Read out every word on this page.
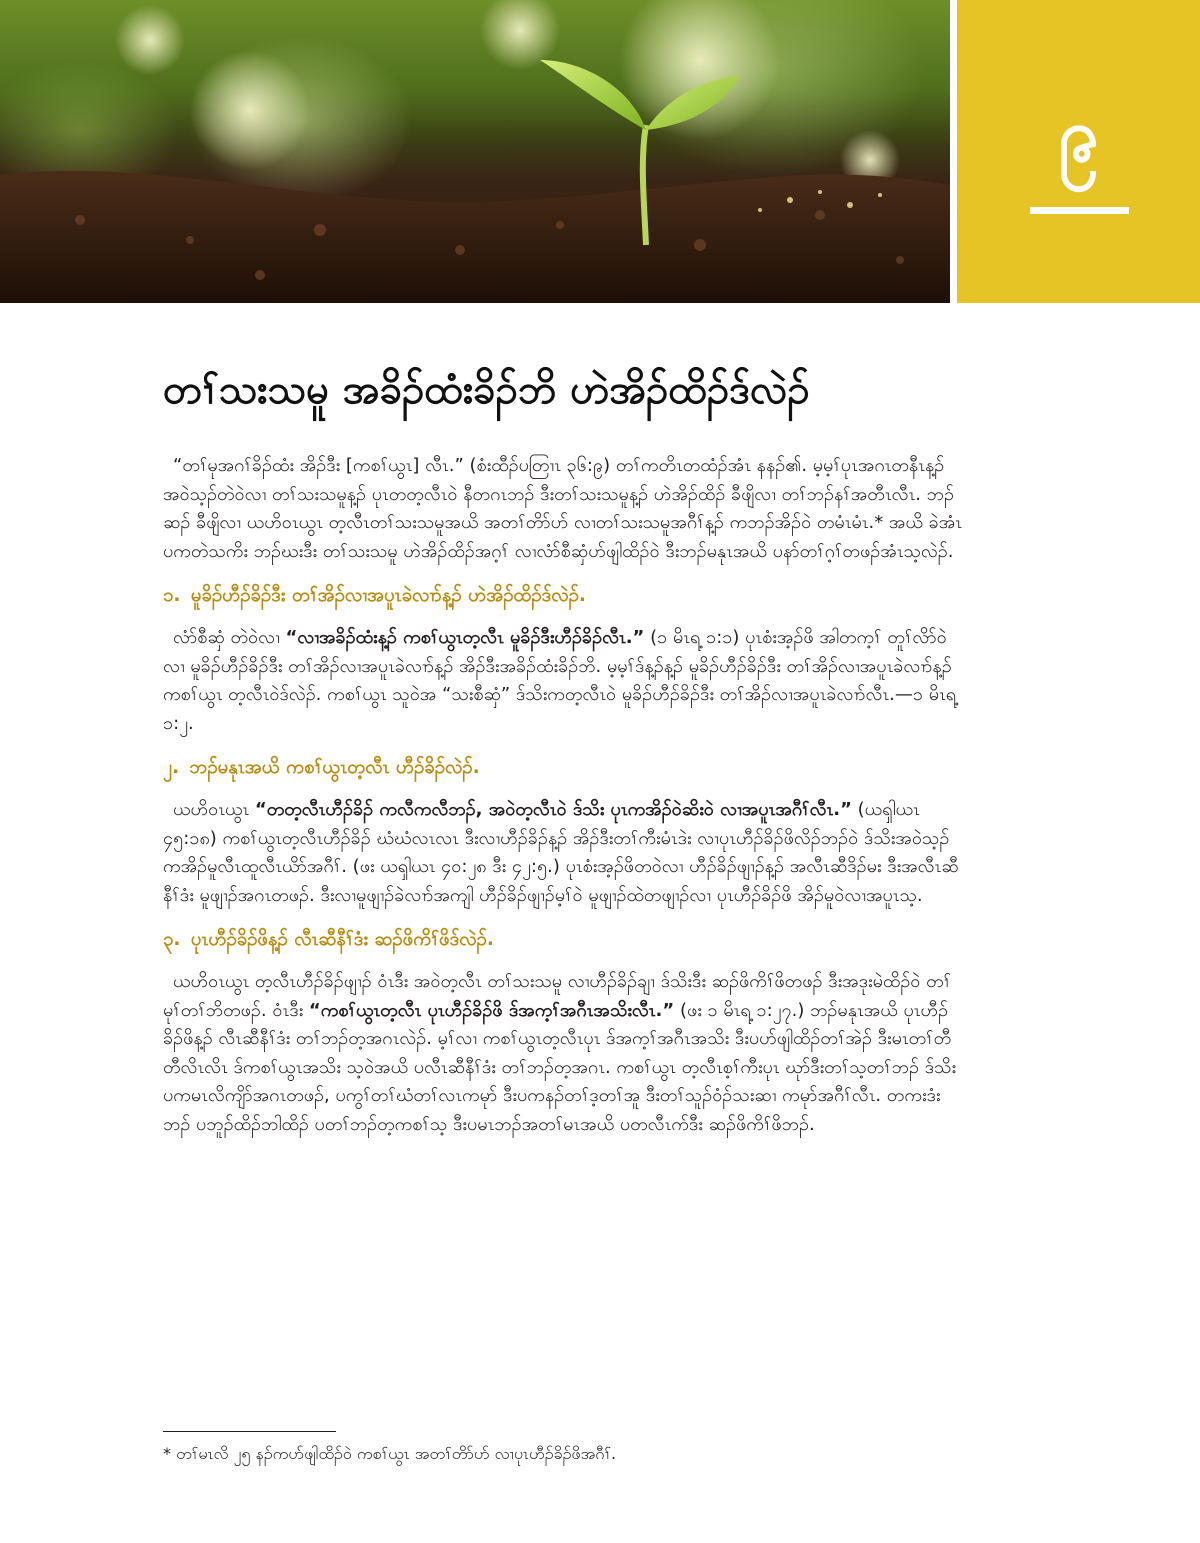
၉
တၢ်သးသမူ အခိၣ်ထံးခိၣ်ဘိ ဟဲအိၣ်ထိၣ်ဒ်လဲၣ်

“တၢ်မုအဂၢ်ခိၣ်ထံး အိၣ်ဒီး [ကစၢ်ယွၤ] လီၤ.” (စံးထီၣ်ပတြၢၤ ၃၆:၉) တၢ်ကတိၤတထံၣ်အံၤ နနၣ်၏. မ့မ့ၢ်ပုၤအဂၤတနီၤန့ၣ် အဝဲသ့ၣ်တဲဝဲလၢ တၢ်သးသမူန့ၣ် ပုၤတတ့လီၤဝဲ နီတဂၤဘၣ် ဒီးတၢ်သးသမူန့ၣ် ဟဲအိၣ်ထိၣ် ခီဖျိလၢ တၢ်ဘၣ်နၢ်အတီၤလီၤ. ဘၣ်ဆၣ် ခီဖျိလၢ ယဟိဝၤယွၤ တ့လီၤတၢ်သးသမူအယိ အတၢ်တိာ်ပာ် လၢတၢ်သးသမူအဂီၢ်န့ၣ် ကဘၣ်အိၣ်ဝဲ တမံၤမံၤ.* အယိ ခဲအံၤ ပကတဲသကိး ဘၣ်ဃးဒီး တၢ်သးသမူ ဟဲအိၣ်ထိၣ်အဂ့ၢ် လၢလံာ်စီဆှံပာ်ဖျါထိၣ်ဝဲ ဒီးဘၣ်မနုၤအယိ ပနာ်တၢ်ဂ့ၢ်တဖၣ်အံၤသ့လဲၣ်.

၁. မူခိၣ်ဟီၣ်ခိၣ်ဒီး တၢ်အိၣ်လၢအပူၤခဲလၢာ်န့ၣ် ဟဲအိၣ်ထိၣ်ဒ်လဲၣ်.

လံာ်စီဆှံ တဲဝဲလၢ “လၢအခိၣ်ထံးန့ၣ် ကစၢ်ယွၤတ့လီၤ မူခိၣ်ဒီးဟီၣ်ခိၣ်လီၤ.” (၁ မိၤရ့ ၁:၁) ပုၤစံးအ့ၣ်ဖိ အါတက့ၢ် တူၢ်လိာ်ဝဲလၢ မူခိၣ်ဟီၣ်ခိၣ်ဒီး တၢ်အိၣ်လၢအပူၤခဲလၢာ်န့ၣ် အိၣ်ဒီးအခိၣ်ထံးခိၣ်ဘိ. မ့မ့ၢ်ဒ်န့ၣ်န့ၣ် မူခိၣ်ဟီၣ်ခိၣ်ဒီး တၢ်အိၣ်လၢအပူၤခဲလၢာ်န့ၣ် ကစၢ်ယွၤ တ့လီၤဝဲဒ်လဲၣ်. ကစၢ်ယွၤ သူဝဲအ “သးစီဆှံ” ဒ်သိးကတ့လီၤဝဲ မူခိၣ်ဟီၣ်ခိၣ်ဒီး တၢ်အိၣ်လၢအပူၤခဲလၢာ်လီၤ.—၁ မိၤရ့ ၁:၂.

၂. ဘၣ်မနုၤအယိ ကစၢ်ယွၤတ့လီၤ ဟီၣ်ခိၣ်လဲၣ်.

ယဟိဝၤယွၤ “တတ့လီၤဟီၣ်ခိၣ် ကလီကလီဘၣ်, အဝဲတ့လီၤဝဲ ဒ်သိး ပုၤကအိၣ်ဝဲဆိးဝဲ လၢအပူၤအဂီၢ်လီၤ.” (ယၡါယၤ ၄၅:၁၈) ကစၢ်ယွၤတ့လီၤဟီၣ်ခိၣ် ဃံဃံလၤလၤ ဒီးလၢဟီၣ်ခိၣ်န့ၣ် အိၣ်ဒီးတၢ်ကီးမံၤဒဲး လၢပုၤဟီၣ်ခိၣ်ဖိလိၣ်ဘၣ်ဝဲ ဒ်သိးအဝဲသ့ၣ် ကအိၣ်မူလီၤထူလီၤယိာ်အဂီၢ်. (ဖး ယၡါယၤ ၄၀:၂၈ ဒီး ၄၂:၅.) ပုၤစံးအ့ၣ်ဖိတဝဲလၢ ဟီၣ်ခိၣ်ဖျၢၣ်န့ၣ် အလီၤဆီဒိၣ်မး ဒီးအလီၤဆီနီၢ်ဒံး မူဖျၢၣ်အဂၤတဖၣ်. ဒီးလၢမူဖျၢၣ်ခဲလၢာ်အကျါ ဟီၣ်ခိၣ်ဖျၢၣ်မ့ၢ်ဝဲ မူဖျၢၣ်ထဲတဖျၢၣ်လၢ ပုၤဟီၣ်ခိၣ်ဖိ အိၣ်မူဝဲလၢအပူၤသ့.

၃. ပုၤဟီၣ်ခိၣ်ဖိန့ၣ် လီၤဆီနီၢ်ဒံး ဆၣ်ဖိကိၢ်ဖိဒ်လဲၣ်.

ယဟိဝၤယွၤ တ့လီၤဟီၣ်ခိၣ်ဖျၢၣ် ဝံၤဒီး အဝဲတ့လီၤ တၢ်သးသမူ လၢဟီၣ်ခိၣ်ချၢ ဒ်သိးဒီး ဆၣ်ဖိကိၢ်ဖိတဖၣ် ဒီးအဒုးမဲထိၣ်ဝဲ တၢ်မုၢ်တၢ်ဘိတဖၣ်. ဝံၤဒီး “ကစၢ်ယွၤတ့လီၤ ပုၤဟီၣ်ခိၣ်ဖိ ဒ်အက့ၢ်အဂီၤအသိးလီၤ.” (ဖး ၁ မိၤရ့ ၁:၂၇.) ဘၣ်မနုၤအယိ ပုၤဟီၣ်ခိၣ်ဖိန့ၣ် လီၤဆီနီၢ်ဒံး တၢ်ဘၣ်တ့အဂၤလဲၣ်. မ့ၢ်လၢ ကစၢ်ယွၤတ့လီၤပုၤ ဒ်အက့ၢ်အဂီၤအသိး ဒီးပပာ်ဖျါထိၣ်တၢ်အဲၣ် ဒီးမၤတၢ်တီတီလိၤလိၤ ဒ်ကစၢ်ယွၤအသိး သ့ဝဲအယိ ပလီၤဆီနီၢ်ဒံး တၢ်ဘၣ်တ့အဂၤ. ကစၢ်ယွၤ တ့လီၤစ့ၢ်ကီးပုၤ ဃုာ်ဒီးတၢ်သ့တၢ်ဘၣ် ဒ်သိးပကမၤလိကျိာ်အဂၤတဖၣ်, ပကွၢ်တၢ်ဃံတၢ်လၤကမုာ် ဒီးပကနၣ်တၢ်ဒ့တၢ်အူ ဒီးတၢ်သူၣ်ဝံၣ်သးဆၢ ကမုာ်အဂီၢ်လီၤ. တကးဒံးဘၣ် ပဘူၣ်ထိၣ်ဘါထိၣ် ပတၢ်ဘၣ်တ့ကစၢ်သ့ ဒီးပမၤဘၣ်အတၢ်မၤအယိ ပတလီၤက်ဒီး ဆၣ်ဖိကိၢ်ဖိဘၣ်.

* တၢ်မၤလိ ၂၅ နၣ်ကပာ်ဖျါထိၣ်ဝဲ ကစၢ်ယွၤ အတၢ်တိာ်ပာ် လၢပုၤဟီၣ်ခိၣ်ဖိအဂီၢ်.
